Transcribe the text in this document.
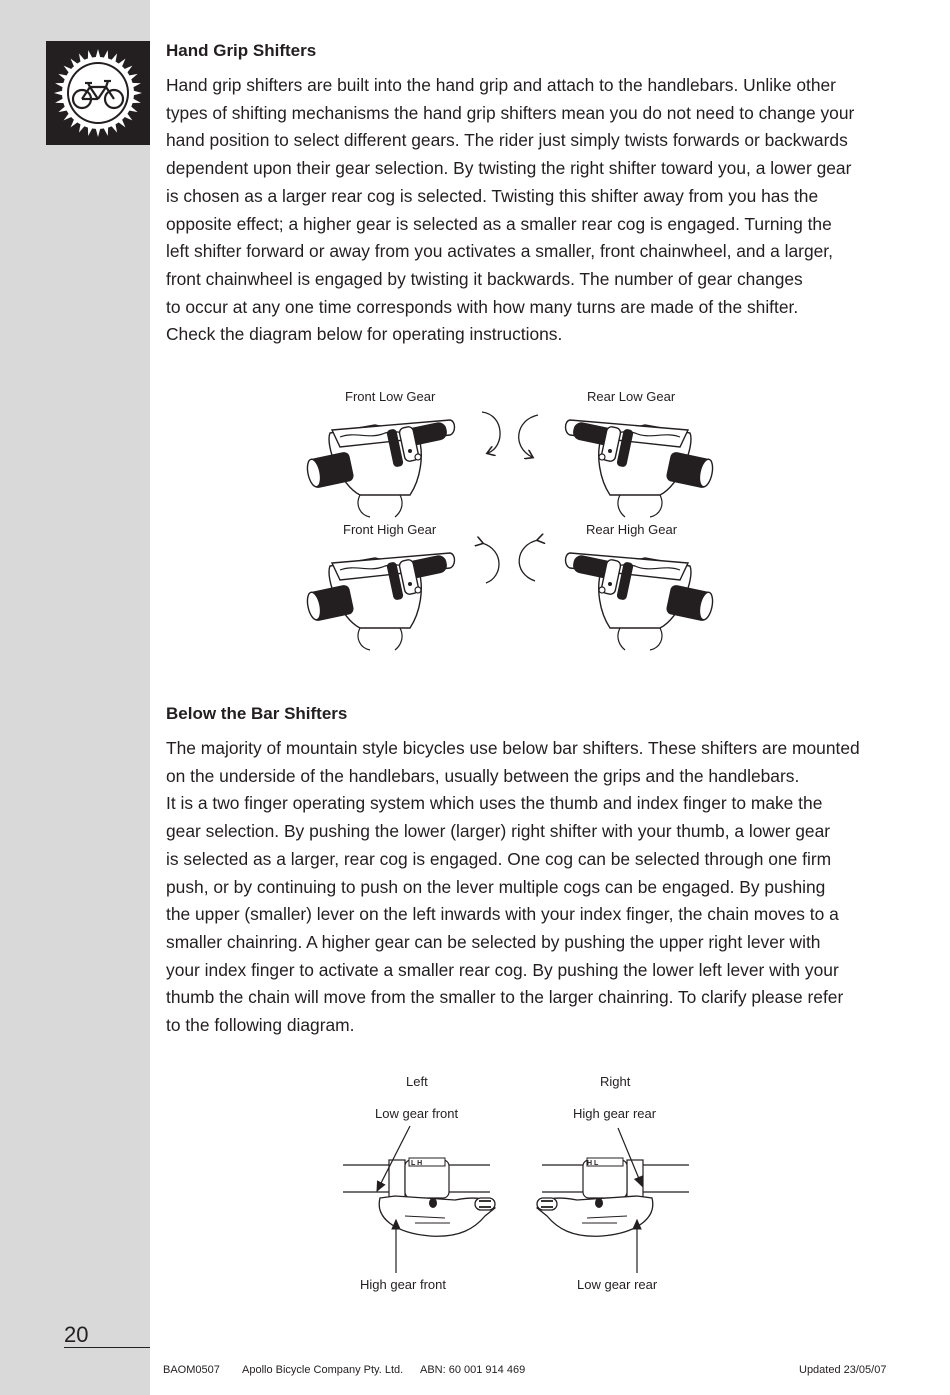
Hand Grip Shifters
Hand grip shifters are built into the hand grip and attach to the handlebars. Unlike other
types of shifting mechanisms the hand grip shifters mean you do not need to change your
hand position to select different gears. The rider just simply twists forwards or backwards
dependent upon their gear selection. By twisting the right shifter toward you, a lower gear
is chosen as a larger rear cog is selected. Twisting this shifter away from you has the
opposite effect; a higher gear is selected as a smaller rear cog is engaged. Turning the
left shifter forward or away from you activates a smaller, front chainwheel, and a larger,
front chainwheel is engaged by twisting it backwards. The number of gear changes
to occur at any one time corresponds with how many turns are made of the shifter.
Check the diagram below for operating instructions.
Front Low Gear	Rear Low Gear
Front High Gear	Rear High Gear
Below the Bar Shifters
The majority of mountain style bicycles use below bar shifters. These shifters are mounted
on the underside of the handlebars, usually between the grips and the handlebars.
It is a two finger operating system which uses the thumb and index finger to make the
gear selection. By pushing the lower (larger) right shifter with your thumb, a lower gear
is selected as a larger, rear cog is engaged. One cog can be selected through one firm
push, or by continuing to push on the lever multiple cogs can be engaged. By pushing
the upper (smaller) lever on the left inwards with your index finger, the chain moves to a
smaller chainring. A higher gear can be selected by pushing the upper right lever with
your index finger to activate a smaller rear cog. By pushing the lower left lever with your
thumb the chain will move from the smaller to the larger chainring. To clarify please refer
to the following diagram.
Left	Right
Low gear front	High gear rear
High gear front	Low gear rear
L H	H L
20
BAOM0507 Apollo Bicycle Company Pty. Ltd. ABN: 60 001 914 469	Updated 23/05/07
